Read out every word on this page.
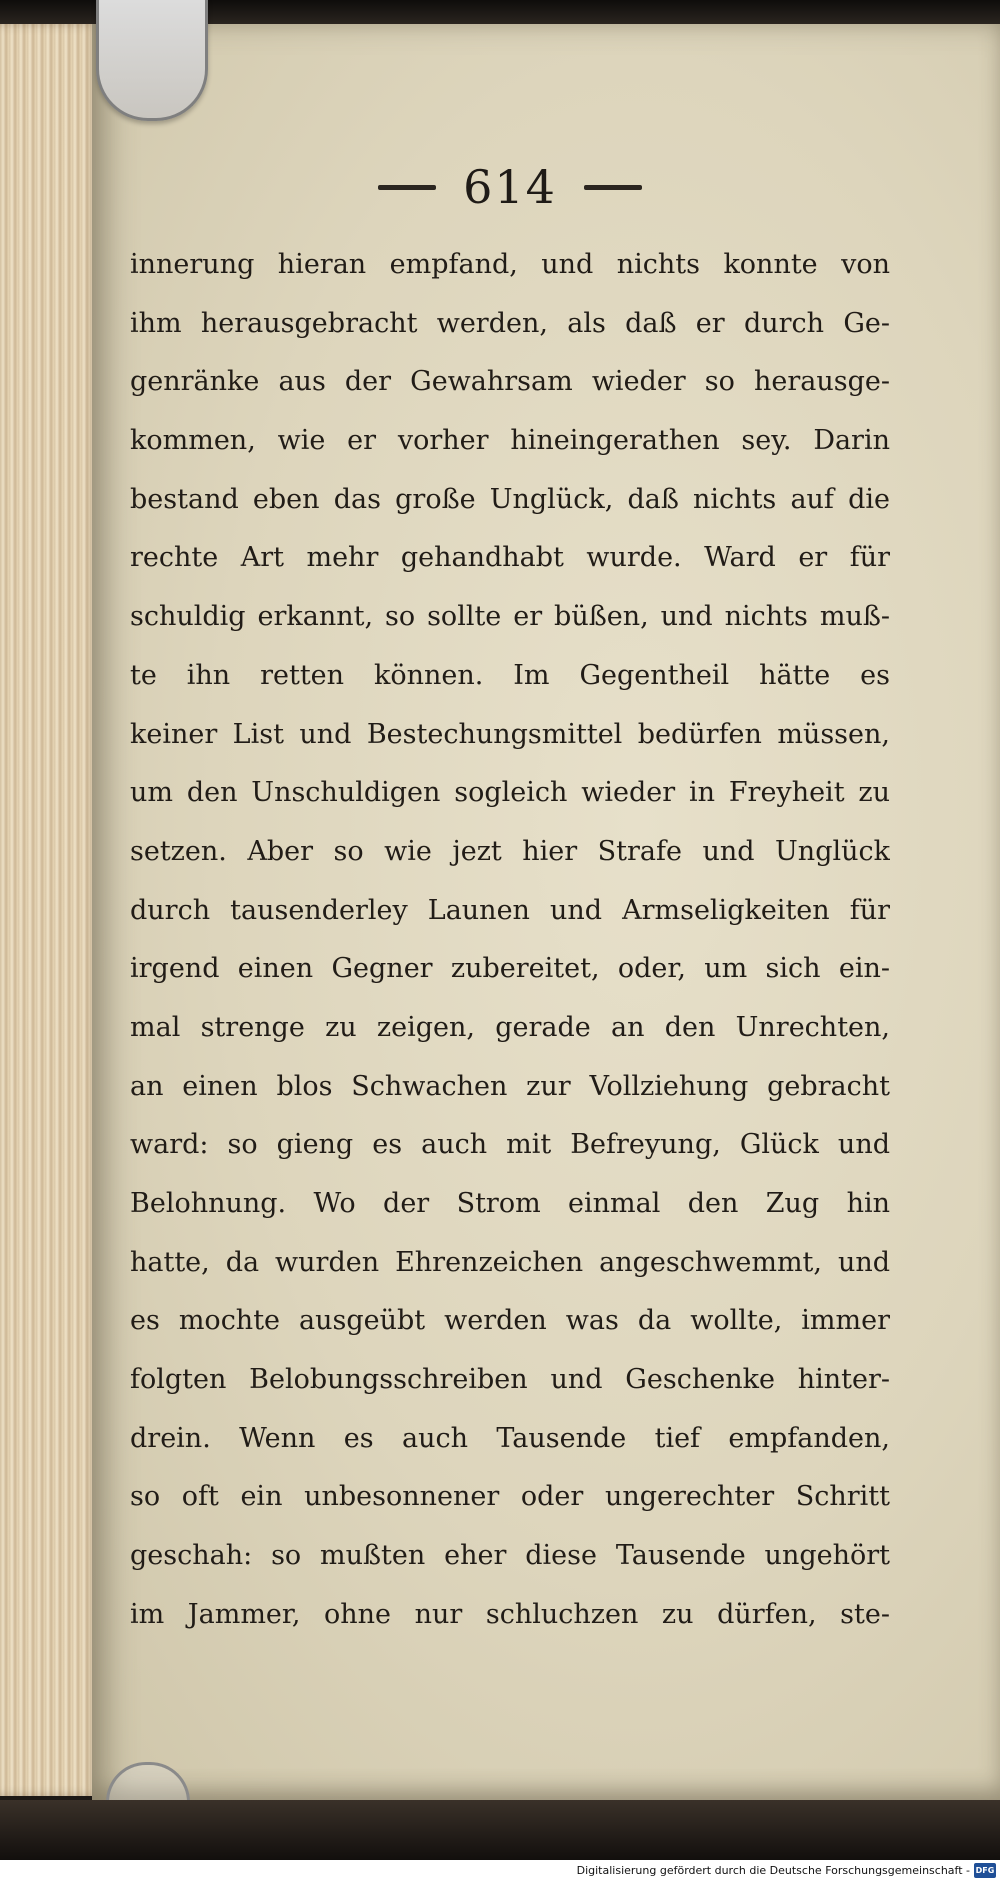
614
innerung hieran empfand, und nichts konnte von
ihm herausgebracht werden, als daß er durch Ge-
genränke aus der Gewahrsam wieder so herausge-
kommen, wie er vorher hineingerathen sey. Darin
bestand eben das große Unglück, daß nichts auf die
rechte Art mehr gehandhabt wurde. Ward er für
schuldig erkannt, so sollte er büßen, und nichts muß-
te ihn retten können. Im Gegentheil hätte es
keiner List und Bestechungsmittel bedürfen müssen,
um den Unschuldigen sogleich wieder in Freyheit zu
setzen. Aber so wie jezt hier Strafe und Unglück
durch tausenderley Launen und Armseligkeiten für
irgend einen Gegner zubereitet, oder, um sich ein-
mal strenge zu zeigen, gerade an den Unrechten,
an einen blos Schwachen zur Vollziehung gebracht
ward: so gieng es auch mit Befreyung, Glück und
Belohnung. Wo der Strom einmal den Zug hin
hatte, da wurden Ehrenzeichen angeschwemmt, und
es mochte ausgeübt werden was da wollte, immer
folgten Belobungsschreiben und Geschenke hinter-
drein. Wenn es auch Tausende tief empfanden,
so oft ein unbesonnener oder ungerechter Schritt
geschah: so mußten eher diese Tausende ungehört
im Jammer, ohne nur schluchzen zu dürfen, ste-
Digitalisierung gefördert durch die Deutsche Forschungsgemeinschaft - DFG
